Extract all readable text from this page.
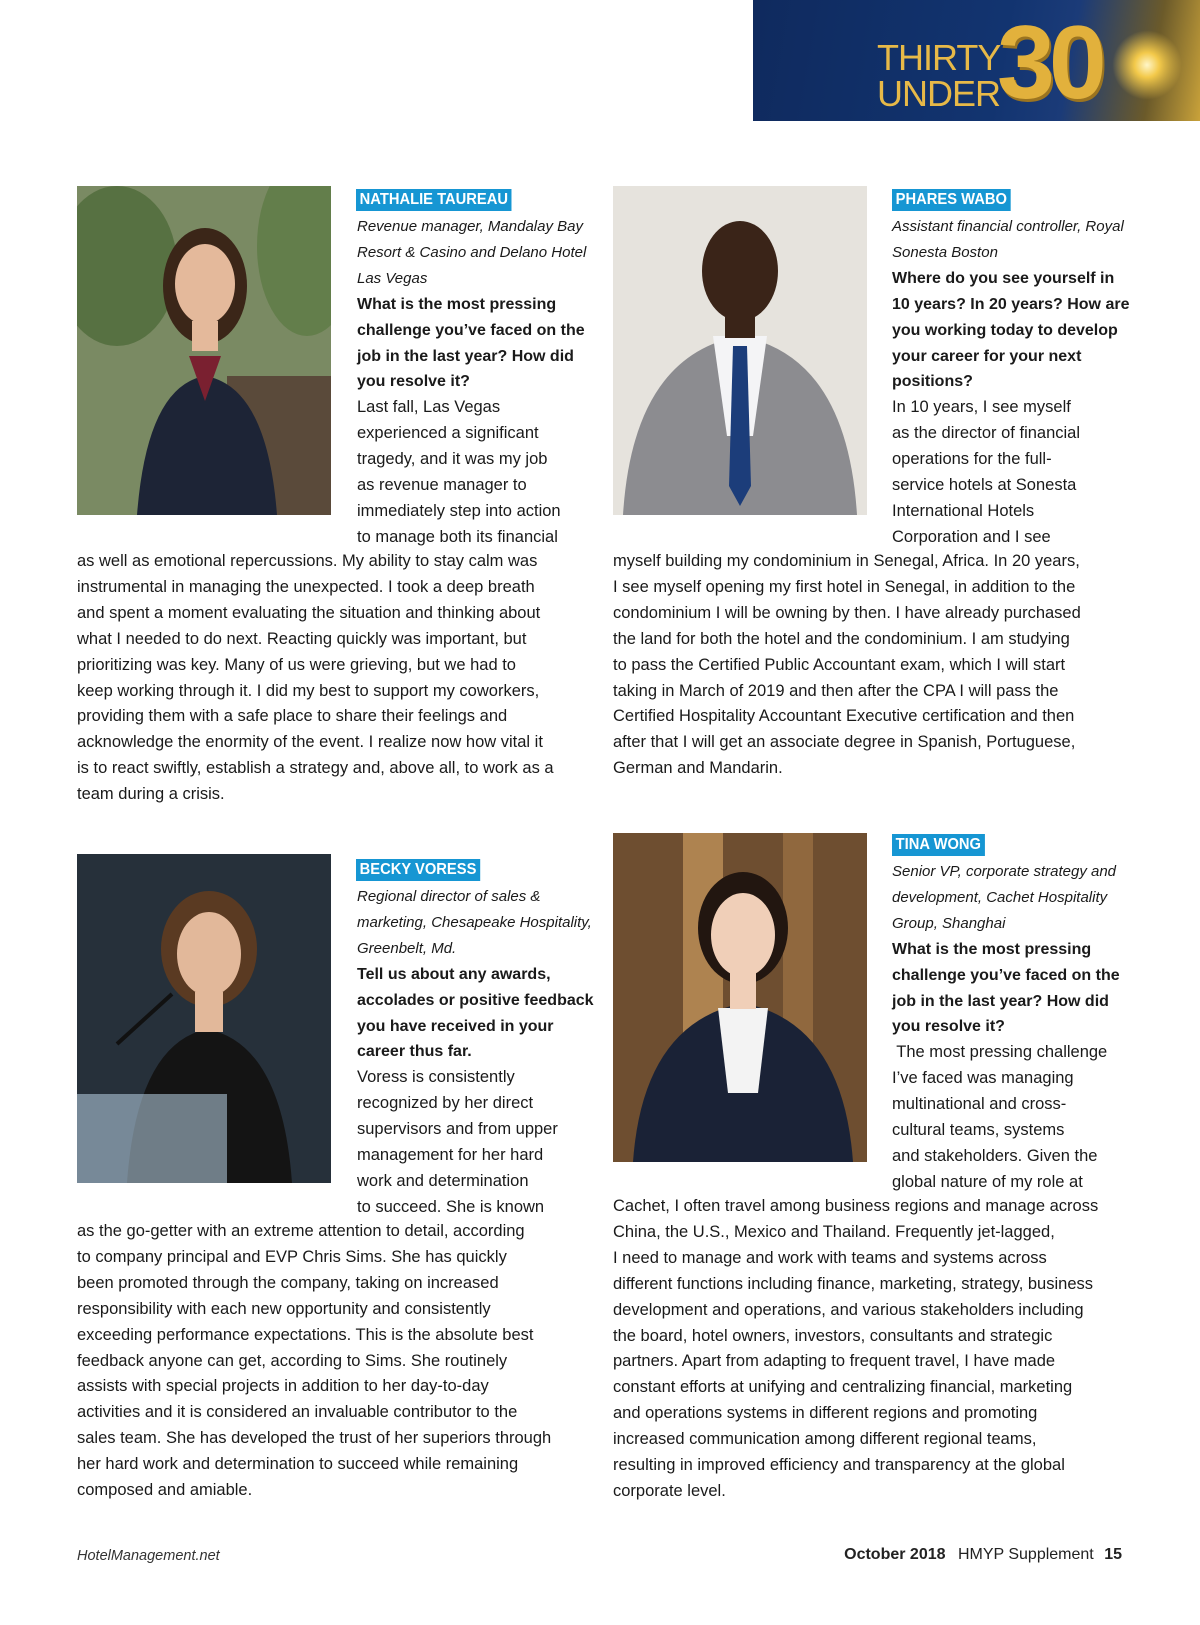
THIRTY
UNDER
30
NATHALIE TAUREAU
Revenue manager, Mandalay Bay
Resort & Casino and Delano Hotel
Las Vegas
What is the most pressing
challenge you’ve faced on the
job in the last year? How did
you resolve it?
Last fall, Las Vegas
experienced a significant
tragedy, and it was my job
as revenue manager to
immediately step into action
to manage both its financial
as well as emotional repercussions. My ability to stay calm was
instrumental in managing the unexpected. I took a deep breath
and spent a moment evaluating the situation and thinking about
what I needed to do next. Reacting quickly was important, but
prioritizing was key. Many of us were grieving, but we had to
keep working through it. I did my best to support my coworkers,
providing them with a safe place to share their feelings and
acknowledge the enormity of the event. I realize now how vital it
is to react swiftly, establish a strategy and, above all, to work as a
team during a crisis.
PHARES WABO
Assistant financial controller, Royal
Sonesta Boston
Where do you see yourself in
10 years? In 20 years? How are
you working today to develop
your career for your next
positions?
In 10 years, I see myself
as the director of financial
operations for the full-
service hotels at Sonesta
International Hotels
Corporation and I see
myself building my condominium in Senegal, Africa. In 20 years,
I see myself opening my first hotel in Senegal, in addition to the
condominium I will be owning by then. I have already purchased
the land for both the hotel and the condominium. I am studying
to pass the Certified Public Accountant exam, which I will start
taking in March of 2019 and then after the CPA I will pass the
Certified Hospitality Accountant Executive certification and then
after that I will get an associate degree in Spanish, Portuguese,
German and Mandarin.
BECKY VORESS
Regional director of sales &
marketing, Chesapeake Hospitality,
Greenbelt, Md.
Tell us about any awards,
accolades or positive feedback
you have received in your
career thus far.
Voress is consistently
recognized by her direct
supervisors and from upper
management for her hard
work and determination
to succeed. She is known
as the go-getter with an extreme attention to detail, according
to company principal and EVP Chris Sims. She has quickly
been promoted through the company, taking on increased
responsibility with each new opportunity and consistently
exceeding performance expectations. This is the absolute best
feedback anyone can get, according to Sims. She routinely
assists with special projects in addition to her day-to-day
activities and it is considered an invaluable contributor to the
sales team. She has developed the trust of her superiors through
her hard work and determination to succeed while remaining
composed and amiable.
TINA WONG
Senior VP, corporate strategy and
development, Cachet Hospitality
Group, Shanghai
What is the most pressing
challenge you’ve faced on the
job in the last year? How did
you resolve it?
The most pressing challenge
I’ve faced was managing
multinational and cross-
cultural teams, systems
and stakeholders. Given the
global nature of my role at
Cachet, I often travel among business regions and manage across
China, the U.S., Mexico and Thailand. Frequently jet-lagged,
I need to manage and work with teams and systems across
different functions including finance, marketing, strategy, business
development and operations, and various stakeholders including
the board, hotel owners, investors, consultants and strategic
partners. Apart from adapting to frequent travel, I have made
constant efforts at unifying and centralizing financial, marketing
and operations systems in different regions and promoting
increased communication among different regional teams,
resulting in improved efficiency and transparency at the global
corporate level.
HotelManagement.net	October 2018 HMYP Supplement 15
